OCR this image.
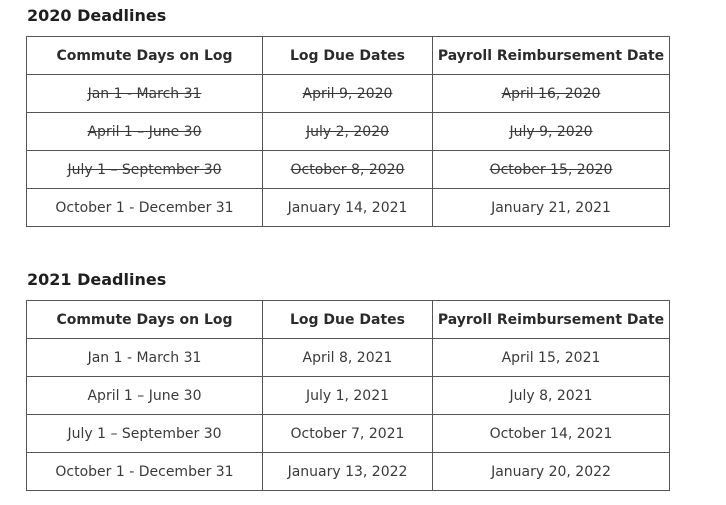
2020 Deadlines
Commute Days on Log	Log Due Dates	Payroll Reimbursement Date
Jan 1 - March 31	April 9, 2020	April 16, 2020
April 1 – June 30	July 2, 2020	July 9, 2020
July 1 – September 30	October 8, 2020	October 15, 2020
October 1 - December 31	January 14, 2021	January 21, 2021
2021 Deadlines
Commute Days on Log	Log Due Dates	Payroll Reimbursement Date
Jan 1 - March 31	April 8, 2021	April 15, 2021
April 1 – June 30	July 1, 2021	July 8, 2021
July 1 – September 30	October 7, 2021	October 14, 2021
October 1 - December 31	January 13, 2022	January 20, 2022
